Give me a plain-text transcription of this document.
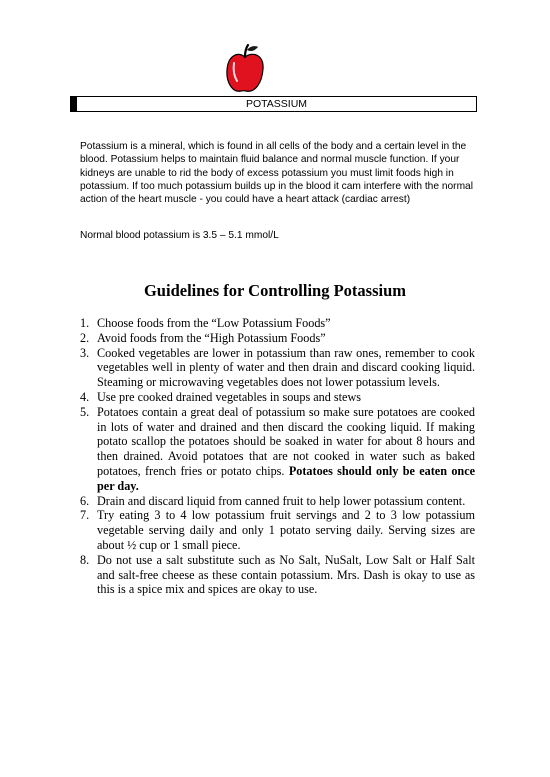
POTASSIUM

Potassium is a mineral, which is found in all cells of the body and a certain level in the blood. Potassium helps to maintain fluid balance and normal muscle function. If your kidneys are unable to rid the body of excess potassium you must limit foods high in potassium. If too much potassium builds up in the blood it cam interfere with the normal action of the heart muscle - you could have a heart attack (cardiac arrest)

Normal blood potassium is 3.5 – 5.1 mmol/L

Guidelines for Controlling Potassium
1. Choose foods from the “Low Potassium Foods”
2. Avoid foods from the “High Potassium Foods”
3. Cooked vegetables are lower in potassium than raw ones, remember to cook vegetables well in plenty of water and then drain and discard cooking liquid. Steaming or microwaving vegetables does not lower potassium levels.
4. Use pre cooked drained vegetables in soups and stews
5. Potatoes contain a great deal of potassium so make sure potatoes are cooked in lots of water and drained and then discard the cooking liquid. If making potato scallop the potatoes should be soaked in water for about 8 hours and then drained. Avoid potatoes that are not cooked in water such as baked potatoes, french fries or potato chips. Potatoes should only be eaten once per day.
6. Drain and discard liquid from canned fruit to help lower potassium content.
7. Try eating 3 to 4 low potassium fruit servings and 2 to 3 low potassium vegetable serving daily and only 1 potato serving daily. Serving sizes are about ½ cup or 1 small piece.
8. Do not use a salt substitute such as No Salt, NuSalt, Low Salt or Half Salt and salt-free cheese as these contain potassium. Mrs. Dash is okay to use as this is a spice mix and spices are okay to use.
